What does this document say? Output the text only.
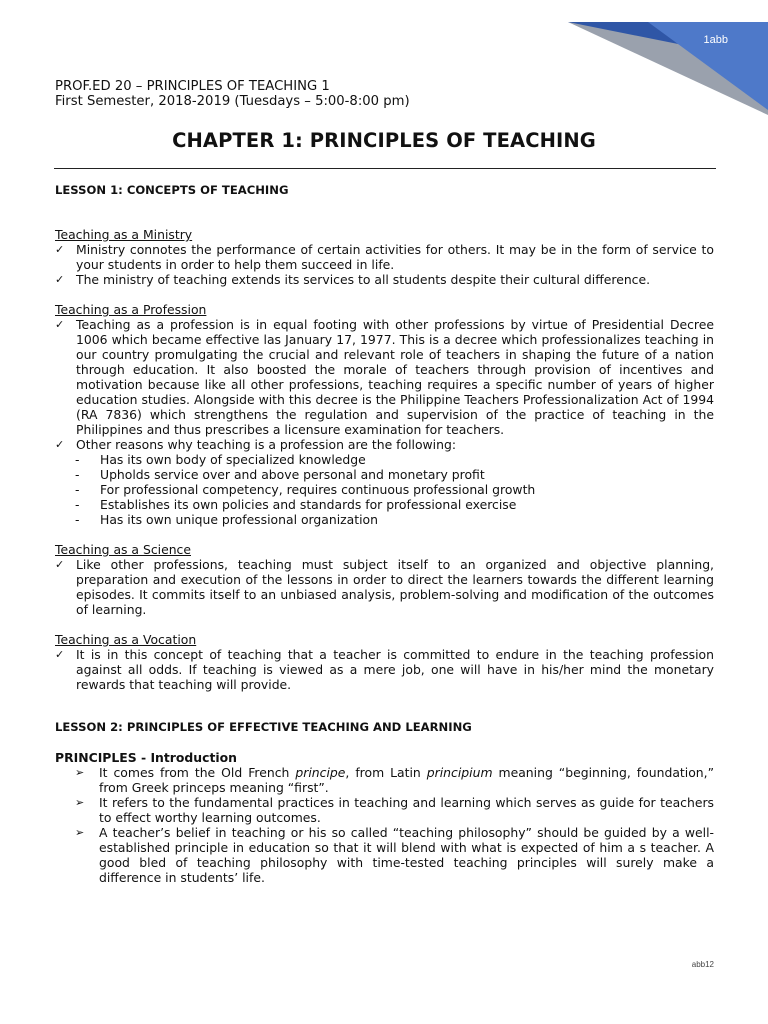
1abb
PROF.ED 20 – PRINCIPLES OF TEACHING 1
First Semester, 2018-2019 (Tuesdays – 5:00-8:00 pm)
CHAPTER 1: PRINCIPLES OF TEACHING
LESSON 1: CONCEPTS OF TEACHING
Teaching as a Ministry
✓ Ministry connotes the performance of certain activities for others. It may be in the form of service to your students in order to help them succeed in life.
✓ The ministry of teaching extends its services to all students despite their cultural difference.
Teaching as a Profession
✓ Teaching as a profession is in equal footing with other professions by virtue of Presidential Decree 1006 which became effective las January 17, 1977. This is a decree which professionalizes teaching in our country promulgating the crucial and relevant role of teachers in shaping the future of a nation through education. It also boosted the morale of teachers through provision of incentives and motivation because like all other professions, teaching requires a specific number of years of higher education studies. Alongside with this decree is the Philippine Teachers Professionalization Act of 1994 (RA 7836) which strengthens the regulation and supervision of the practice of teaching in the Philippines and thus prescribes a licensure examination for teachers.
✓ Other reasons why teaching is a profession are the following:
-	Has its own body of specialized knowledge
-	Upholds service over and above personal and monetary profit
-	For professional competency, requires continuous professional growth
-	Establishes its own policies and standards for professional exercise
-	Has its own unique professional organization
Teaching as a Science
✓ Like other professions, teaching must subject itself to an organized and objective planning, preparation and execution of the lessons in order to direct the learners towards the different learning episodes. It commits itself to an unbiased analysis, problem-solving and modification of the outcomes of learning.
Teaching as a Vocation
✓ It is in this concept of teaching that a teacher is committed to endure in the teaching profession against all odds. If teaching is viewed as a mere job, one will have in his/her mind the monetary rewards that teaching will provide.
LESSON 2: PRINCIPLES OF EFFECTIVE TEACHING AND LEARNING
PRINCIPLES - Introduction
➢	It comes from the Old French principe, from Latin principium meaning “beginning, foundation,” from Greek princeps meaning “first”.
➢	It refers to the fundamental practices in teaching and learning which serves as guide for teachers to effect worthy learning outcomes.
➢	A teacher’s belief in teaching or his so called “teaching philosophy” should be guided by a well-established principle in education so that it will blend with what is expected of him a s teacher. A good bled of teaching philosophy with time-tested teaching principles will surely make a difference in students’ life.
abb12
